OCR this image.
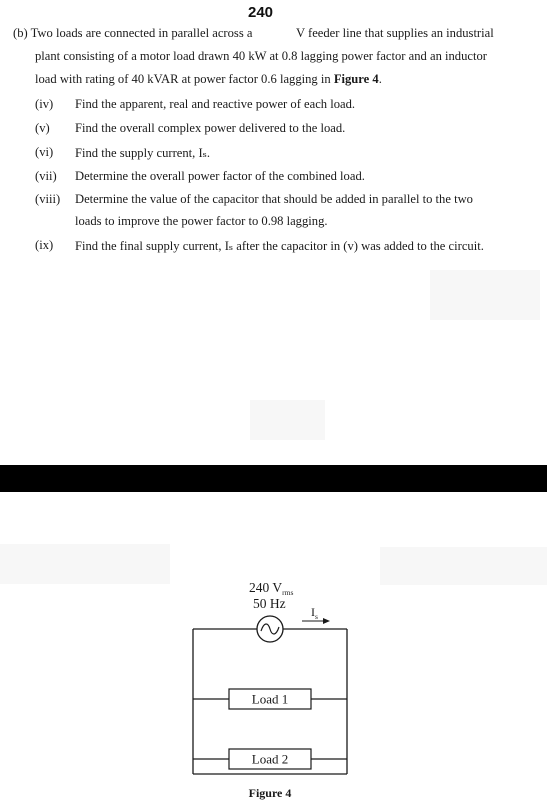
240
(b) Two loads are connected in parallel across a	V feeder line that supplies an industrial
plant consisting of a motor load drawn 40 kW at 0.8 lagging power factor and an inductor
load with rating of 40 kVAR at power factor 0.6 lagging in Figure 4.
(iv) Find the apparent, real and reactive power of each load.
(v) Find the overall complex power delivered to the load.
(vi) Find the supply current, Iₛ.
(vii) Determine the overall power factor of the combined load.
(viii) Determine the value of the capacitor that should be added in parallel to the two
loads to improve the power factor to 0.98 lagging.
(ix) Find the final supply current, Iₛ after the capacitor in (v) was added to the circuit.
240 $V_{rms}$
50 Hz
$I_s$
Load 1
Load 2
Figure 4
